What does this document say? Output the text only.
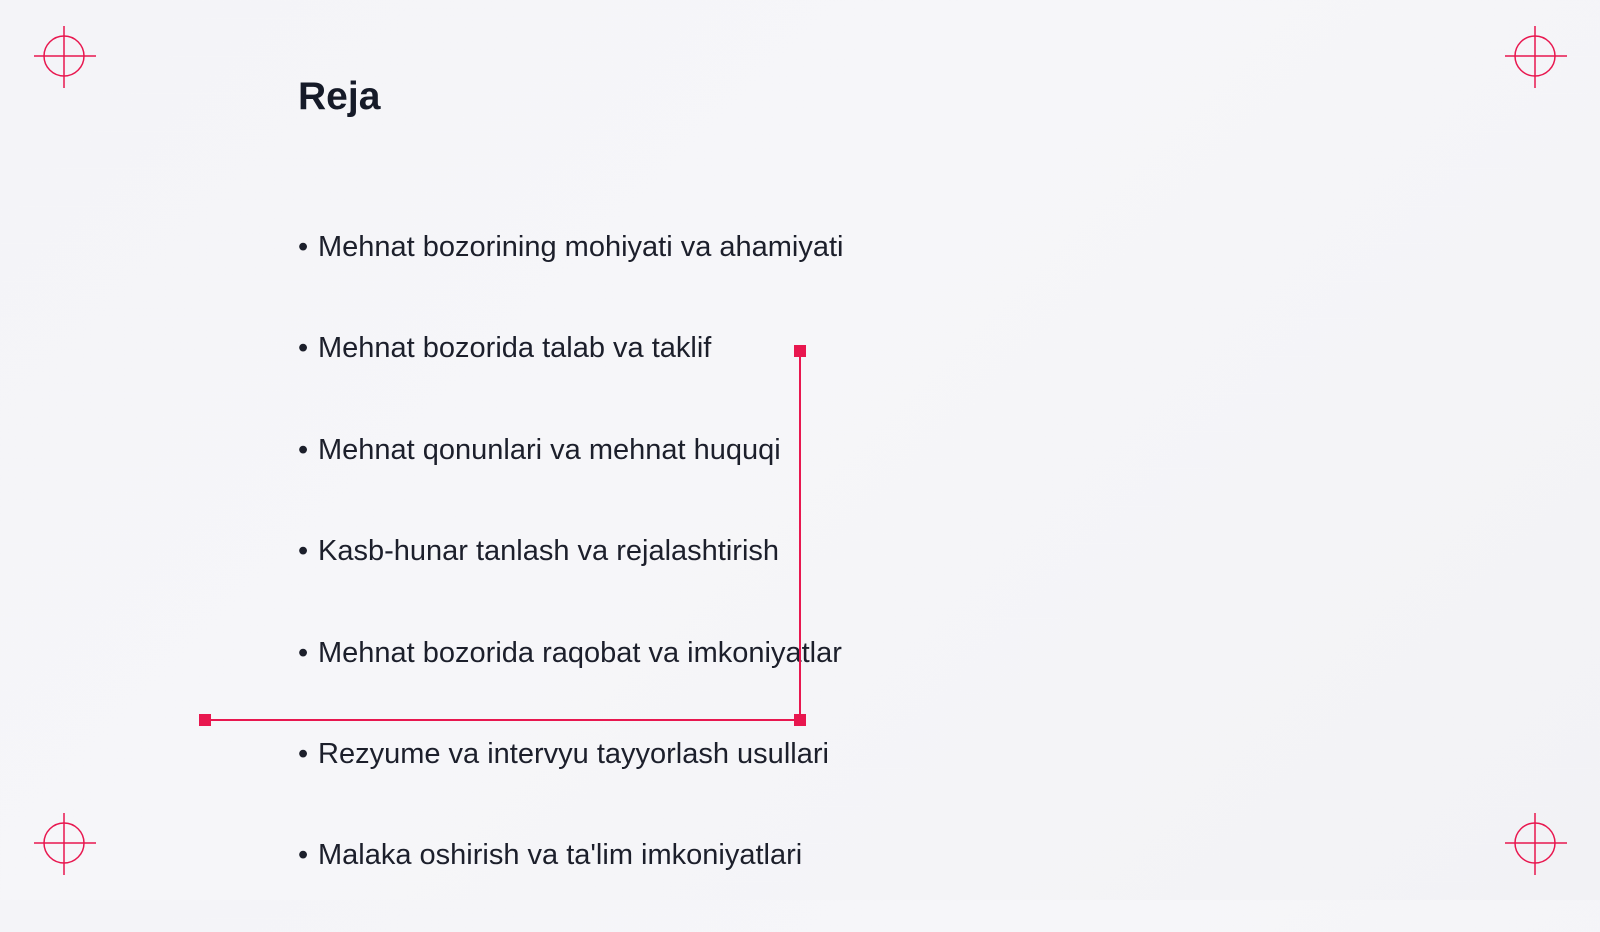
Reja
• Mehnat bozorining mohiyati va ahamiyati
• Mehnat bozorida talab va taklif
• Mehnat qonunlari va mehnat huquqi
• Kasb-hunar tanlash va rejalashtirish
• Mehnat bozorida raqobat va imkoniyatlar
• Rezyume va intervyu tayyorlash usullari
• Malaka oshirish va ta'lim imkoniyatlari
